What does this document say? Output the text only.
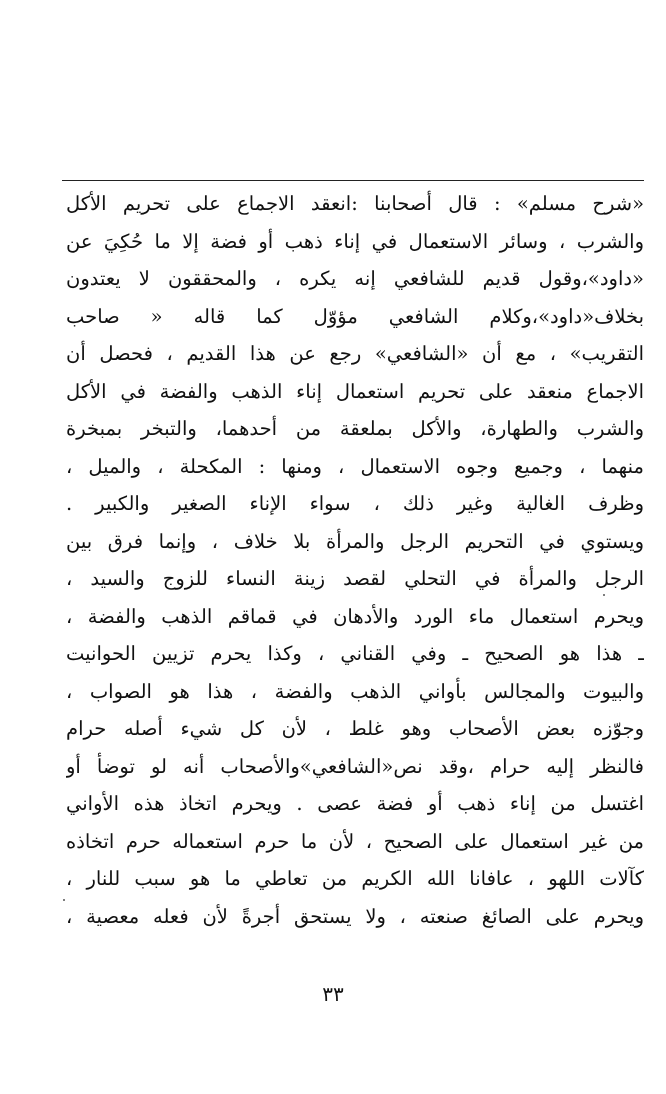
«شرح مسلم» : قال أصحابنا :انعقد الاجماع على تحريم الأكل
والشرب ، وسائر الاستعمال في إناء ذهب أو فضة إلا ما حُكِيَ عن
«داود»،وقول قديم للشافعي إنه يكره ، والمحققون لا يعتدون
بخلاف«داود»،وكلام الشافعي مؤوّل كما قاله « صاحب
التقريب» ، مع أن «الشافعي» رجع عن هذا القديم ، فحصل أن
الاجماع منعقد على تحريم استعمال إناء الذهب والفضة في الأكل
والشرب والطهارة، والأكل بملعقة من أحدهما، والتبخر بمبخرة
منهما ، وجميع وجوه الاستعمال ، ومنها : المكحلة ، والميل ،
وظرف الغالية وغير ذلك ، سواء الإناء الصغير والكبير .
ويستوي في التحريم الرجل والمرأة بلا خلاف ، وإنما فرق بين
الرجل والمرأة في التحلي لقصد زينة النساء للزوج والسيد ،
ويحرم استعمال ماء الورد والأدهان في قماقم الذهب والفضة ،
ـ هذا هو الصحيح ـ وفي القناني ، وكذا يحرم تزيين الحوانيت
والبيوت والمجالس بأواني الذهب والفضة ، هذا هو الصواب ،
وجوّزه بعض الأصحاب وهو غلط ، لأن كل شيء أصله حرام
فالنظر إليه حرام ،وقد نص«الشافعي»والأصحاب أنه لو توضأ أو
اغتسل من إناء ذهب أو فضة عصى . ويحرم اتخاذ هذه الأواني
من غير استعمال على الصحيح ، لأن ما حرم استعماله حرم اتخاذه
كآلات اللهو ، عافانا الله الكريم من تعاطي ما هو سبب للنار ،
ويحرم على الصائغ صنعته ، ولا يستحق أجرةً لأن فعله معصية ،
٣٣
